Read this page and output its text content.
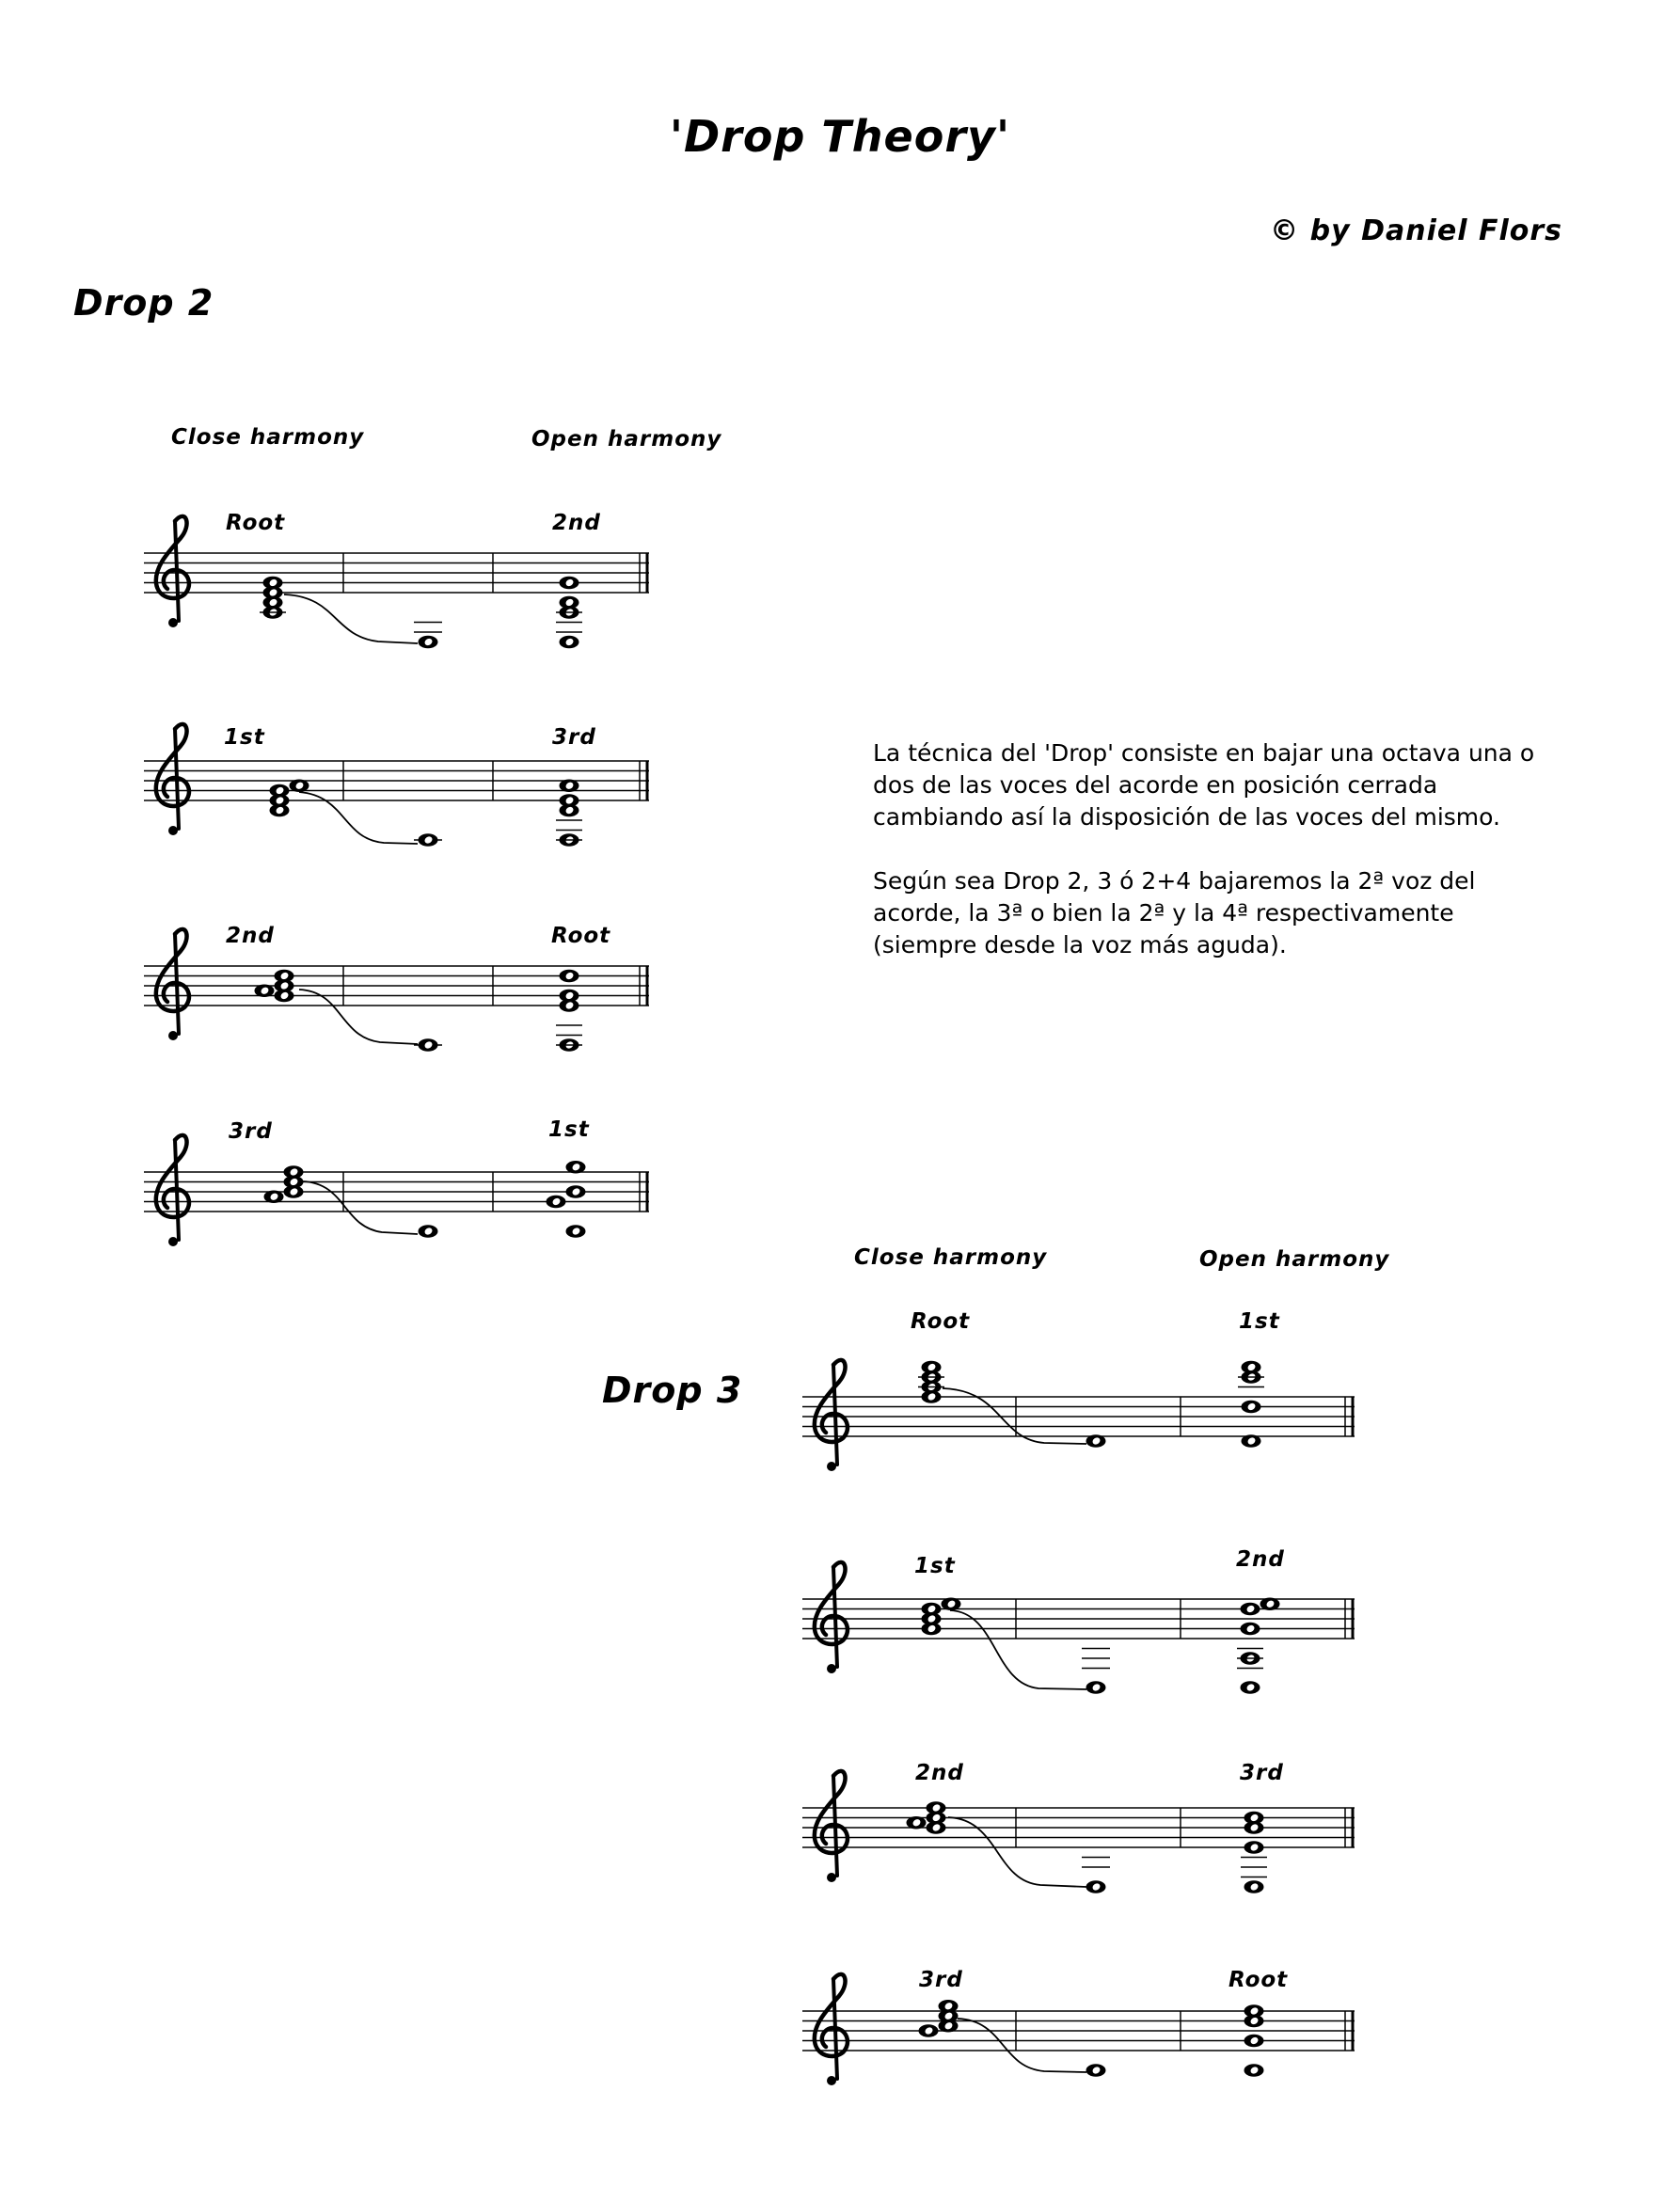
'Drop Theory'
© by Daniel Flors
Drop 2
Close harmony	Open harmony
Root	2nd
1st	3rd
2nd	Root
3rd	1st

La técnica del 'Drop' consiste en bajar una octava una o dos de las voces del acorde en posición cerrada cambiando así la disposición de las voces del mismo.

Según sea Drop 2, 3 ó 2+4 bajaremos la 2ª voz del acorde, la 3ª o bien la 2ª y la 4ª respectivamente (siempre desde la voz más aguda).

Drop 3
Close harmony	Open harmony
Root	1st
1st	2nd
2nd	3rd
3rd	Root
